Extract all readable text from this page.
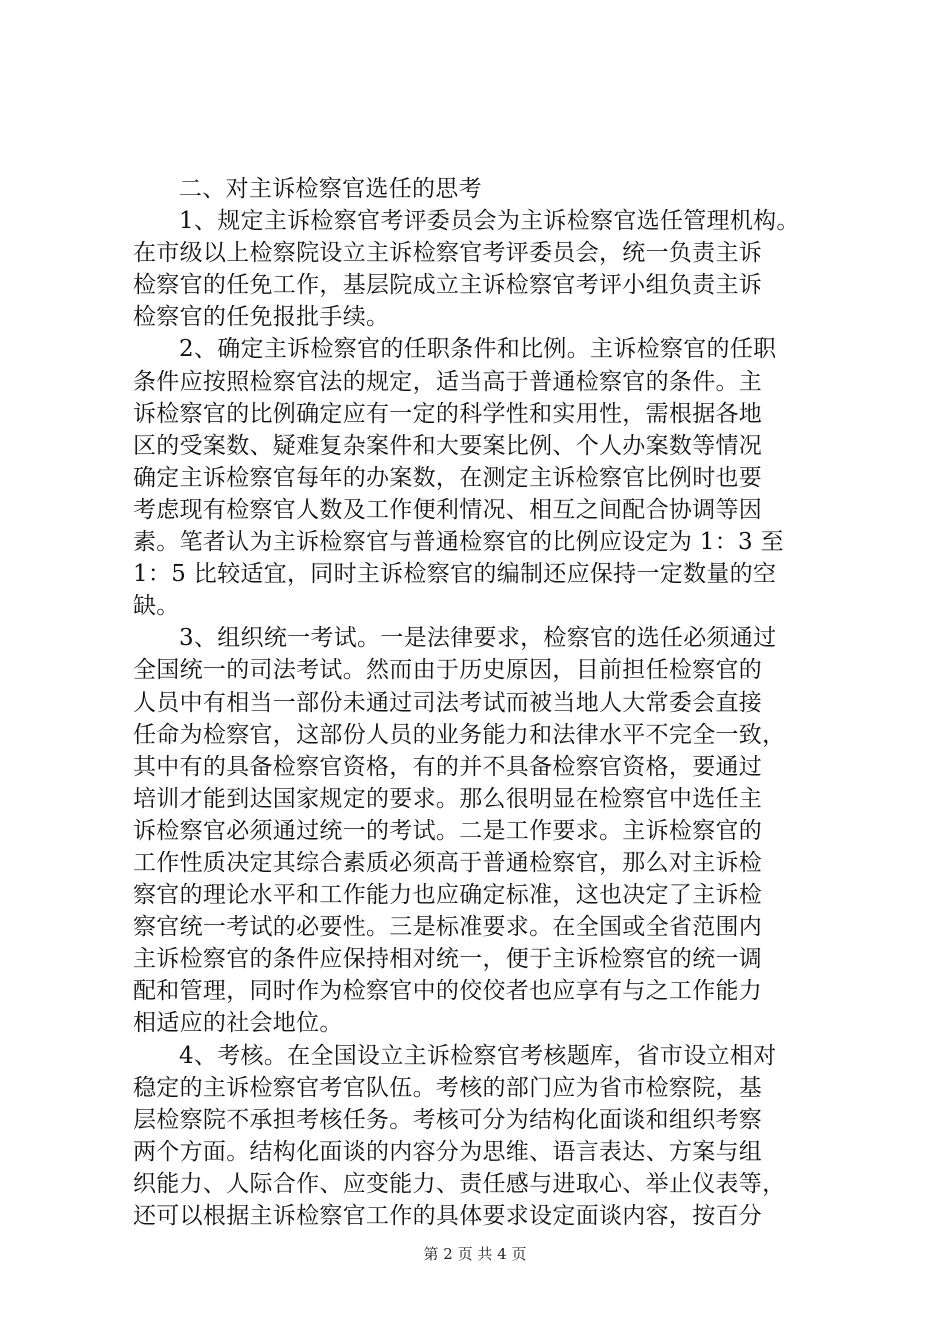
二、对主诉检察官选任的思考
1、规定主诉检察官考评委员会为主诉检察官选任管理机构。
在市级以上检察院设立主诉检察官考评委员会，统一负责主诉
检察官的任免工作，基层院成立主诉检察官考评小组负责主诉
检察官的任免报批手续。
2、确定主诉检察官的任职条件和比例。主诉检察官的任职
条件应按照检察官法的规定，适当高于普通检察官的条件。主
诉检察官的比例确定应有一定的科学性和实用性，需根据各地
区的受案数、疑难复杂案件和大要案比例、个人办案数等情况
确定主诉检察官每年的办案数，在测定主诉检察官比例时也要
考虑现有检察官人数及工作便利情况、相互之间配合协调等因
素。笔者认为主诉检察官与普通检察官的比例应设定为 1：3 至
1：5 比较适宜，同时主诉检察官的编制还应保持一定数量的空
缺。
3、组织统一考试。一是法律要求，检察官的选任必须通过
全国统一的司法考试。然而由于历史原因，目前担任检察官的
人员中有相当一部份未通过司法考试而被当地人大常委会直接
任命为检察官，这部份人员的业务能力和法律水平不完全一致，
其中有的具备检察官资格，有的并不具备检察官资格，要通过
培训才能到达国家规定的要求。那么很明显在检察官中选任主
诉检察官必须通过统一的考试。二是工作要求。主诉检察官的
工作性质决定其综合素质必须高于普通检察官，那么对主诉检
察官的理论水平和工作能力也应确定标准，这也决定了主诉检
察官统一考试的必要性。三是标准要求。在全国或全省范围内
主诉检察官的条件应保持相对统一，便于主诉检察官的统一调
配和管理，同时作为检察官中的佼佼者也应享有与之工作能力
相适应的社会地位。
4、考核。在全国设立主诉检察官考核题库，省市设立相对
稳定的主诉检察官考官队伍。考核的部门应为省市检察院，基
层检察院不承担考核任务。考核可分为结构化面谈和组织考察
两个方面。结构化面谈的内容分为思维、语言表达、方案与组
织能力、人际合作、应变能力、责任感与进取心、举止仪表等，
还可以根据主诉检察官工作的具体要求设定面谈内容，按百分
第 2 页 共 4 页
